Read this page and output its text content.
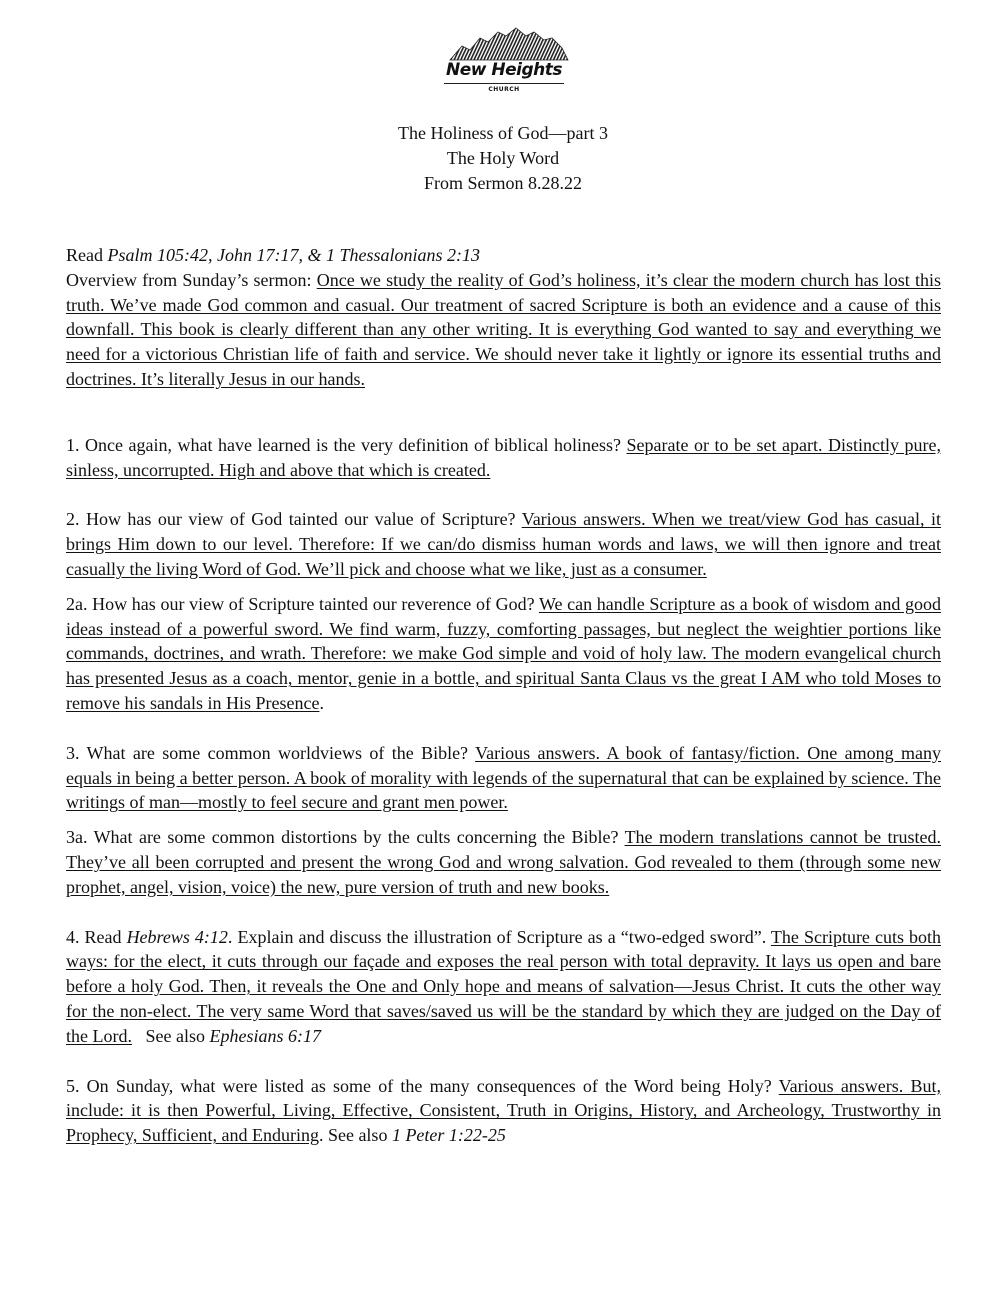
New Heights
CHURCH
The Holiness of God—part 3
The Holy Word
From Sermon 8.28.22

Read Psalm 105:42, John 17:17, & 1 Thessalonians 2:13

Overview from Sunday’s sermon: Once we study the reality of God’s holiness, it’s clear the modern church has lost this truth. We’ve made God common and casual. Our treatment of sacred Scripture is both an evidence and a cause of this downfall. This book is clearly different than any other writing. It is everything God wanted to say and everything we need for a victorious Christian life of faith and service. We should never take it lightly or ignore its essential truths and doctrines. It’s literally Jesus in our hands.

1. Once again, what have learned is the very definition of biblical holiness? Separate or to be set apart. Distinctly pure, sinless, uncorrupted. High and above that which is created.

2. How has our view of God tainted our value of Scripture? Various answers. When we treat/view God has casual, it brings Him down to our level. Therefore: If we can/do dismiss human words and laws, we will then ignore and treat casually the living Word of God. We’ll pick and choose what we like, just as a consumer.

2a. How has our view of Scripture tainted our reverence of God? We can handle Scripture as a book of wisdom and good ideas instead of a powerful sword. We find warm, fuzzy, comforting passages, but neglect the weightier portions like commands, doctrines, and wrath. Therefore: we make God simple and void of holy law. The modern evangelical church has presented Jesus as a coach, mentor, genie in a bottle, and spiritual Santa Claus vs the great I AM who told Moses to remove his sandals in His Presence.

3. What are some common worldviews of the Bible? Various answers. A book of fantasy/fiction. One among many equals in being a better person. A book of morality with legends of the supernatural that can be explained by science. The writings of man—mostly to feel secure and grant men power.

3a. What are some common distortions by the cults concerning the Bible? The modern translations cannot be trusted. They’ve all been corrupted and present the wrong God and wrong salvation. God revealed to them (through some new prophet, angel, vision, voice) the new, pure version of truth and new books.

4. Read Hebrews 4:12. Explain and discuss the illustration of Scripture as a “two-edged sword”. The Scripture cuts both ways: for the elect, it cuts through our façade and exposes the real person with total depravity. It lays us open and bare before a holy God. Then, it reveals the One and Only hope and means of salvation—Jesus Christ. It cuts the other way for the non-elect. The very same Word that saves/saved us will be the standard by which they are judged on the Day of the Lord.   See also Ephesians 6:17

5. On Sunday, what were listed as some of the many consequences of the Word being Holy? Various answers. But, include: it is then Powerful, Living, Effective, Consistent, Truth in Origins, History, and Archeology, Trustworthy in Prophecy, Sufficient, and Enduring. See also 1 Peter 1:22-25
